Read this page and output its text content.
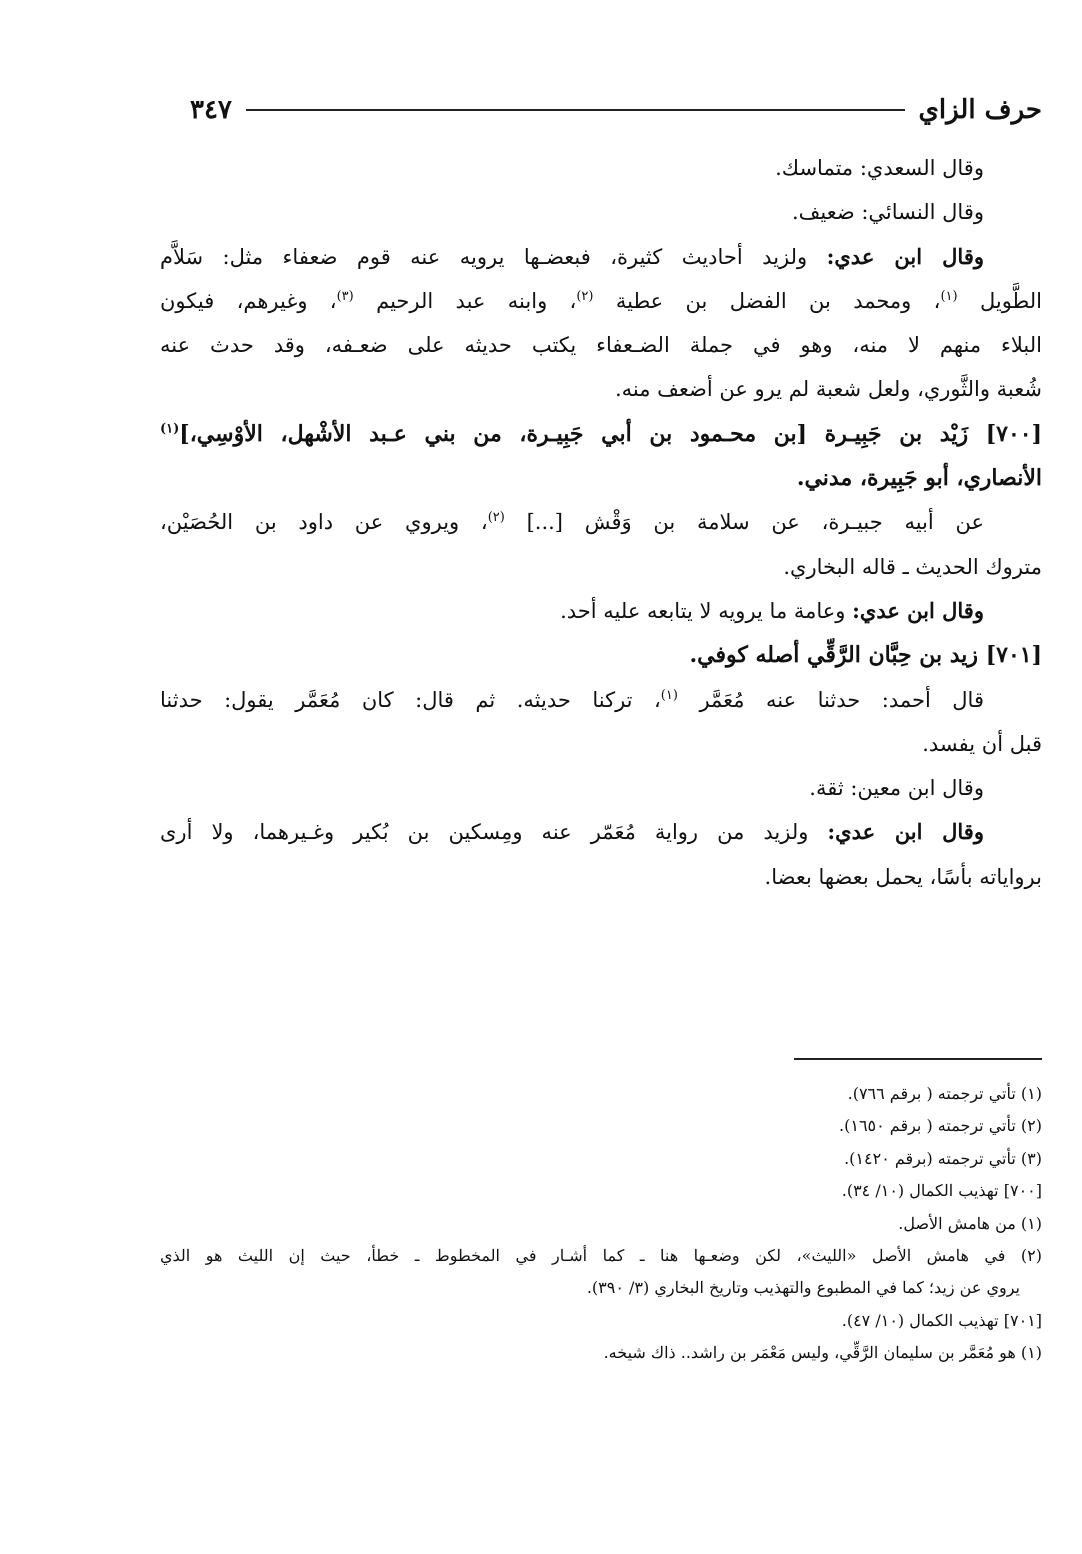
حرف الزاي
٣٤٧
وقال السعدي: متماسك.
وقال النسائي: ضعيف.
وقال ابن عدي: ولزيد أحاديث كثيرة، فبعضـها يرويه عنه قوم ضعفاء مثل: سَلاَّم
الطَّويل $^{(١)}$، ومحمد بن الفضل بن عطية $^{(٢)}$، وابنه عبد الرحيم $^{(٣)}$، وغيرهم، فيكون
البلاء منهم لا منه، وهو في جملة الضـعفاء يكتب حديثه على ضعـفه، وقد حدث عنه
شُعبة والثَّوري، ولعل شعبة لم يرو عن أضعف منه.
[٧٠٠] زَيْد بن جَبِيـرة [بن محـمود بن أبي جَبِيـرة، من بني عـبد الأشْهل، الأوْسِي،]$^{(١)}$
الأنصاري، أبو جَبِيرة، مدني.
عن أبيه جبيـرة، عن سلامة بن وَقْش [...] $^{(٢)}$، ويروي عن داود بن الحُصَيْن،
متروك الحديث ـ قاله البخاري.
وقال ابن عدي: وعامة ما يرويه لا يتابعه عليه أحد.
[٧٠١] زيد بن حِبَّان الرَّقِّي أصله كوفي.
قال أحمد: حدثنا عنه مُعَمَّر $^{(١)}$، تركنا حديثه. ثم قال: كان مُعَمَّر يقول: حدثنا
قبل أن يفسد.
وقال ابن معين: ثقة.
وقال ابن عدي: ولزيد من رواية مُعَمّر عنه ومِسكين بن بُكير وغـيرهما، ولا أرى
برواياته بأسًا، يحمل بعضها بعضا.
(١) تأتي ترجمته ( برقم ٧٦٦).
(٢) تأتي ترجمته ( برقم ١٦٥٠).
(٣) تأتي ترجمته (برقم ١٤٢٠).
[٧٠٠] تهذيب الكمال (١٠/ ٣٤).
(١) من هامش الأصل.
(٢) في هامش الأصل «الليث»، لكن وضعـها هنا ـ كما أشـار في المخطوط ـ خطأ، حيث إن الليث هو الذي
يروي عن زيد؛ كما في المطبوع والتهذيب وتاريخ البخاري (٣/ ٣٩٠).
[٧٠١] تهذيب الكمال (١٠/ ٤٧).
(١) هو مُعَمَّر بن سليمان الرَّقِّي، وليس مَعْمَر بن راشد.. ذاك شيخه.
